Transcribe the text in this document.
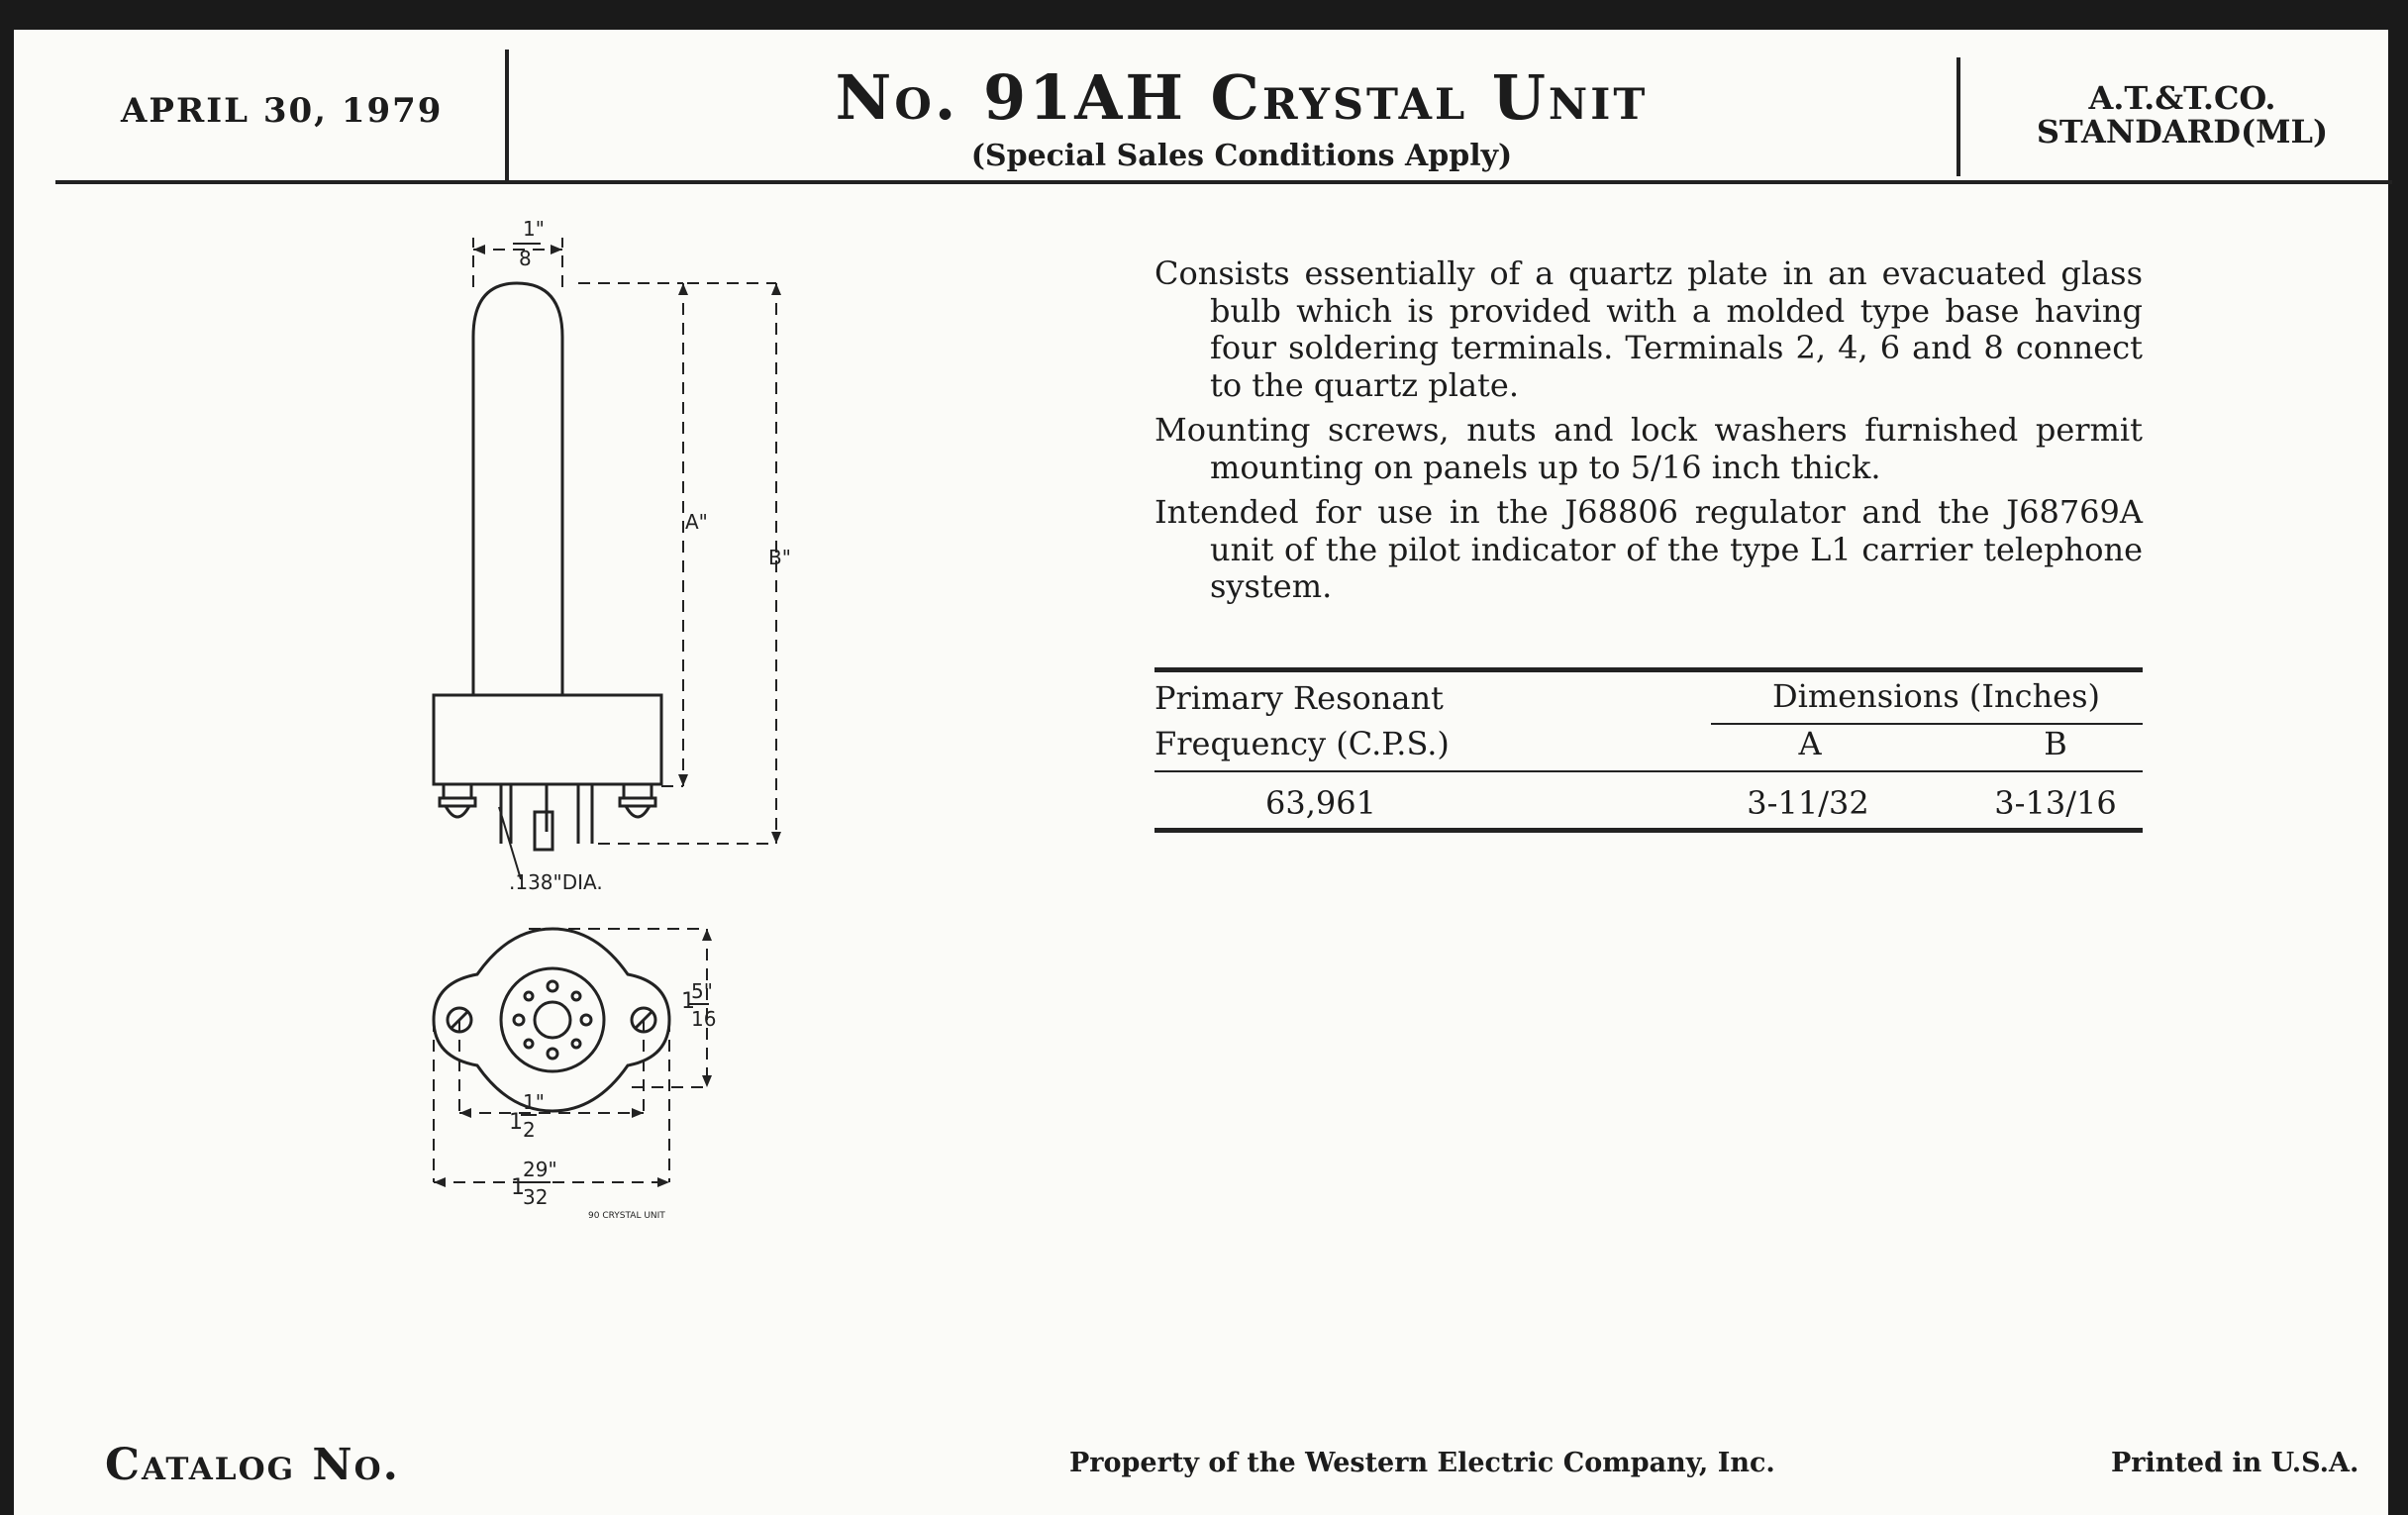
APRIL 30, 1979	No. 91AH Crystal Unit
(Special Sales Conditions Apply)
A.T.&T.CO.
STANDARD(ML)
1"
8
A"
B"
.138"DIA.
1
5"
16
1
1"
2
1
29"
32
90 CRYSTAL UNIT

Consists essentially of a quartz plate in an evacuated glass bulb which is provided with a molded type base having four soldering terminals. Terminals 2, 4, 6 and 8 connect to the quartz plate.

Mounting screws, nuts and lock washers furnished permit mounting on panels up to 5/16 inch thick.

Intended for use in the J68806 regulator and the J68769A unit of the pilot indicator of the type L1 carrier telephone system.

Primary Resonant
Frequency (C.P.S.)
Dimensions (Inches)
A	B
63,961	3-11/32	3-13/16
Catalog No.	Property of the Western Electric Company, Inc.	Printed in U.S.A.
